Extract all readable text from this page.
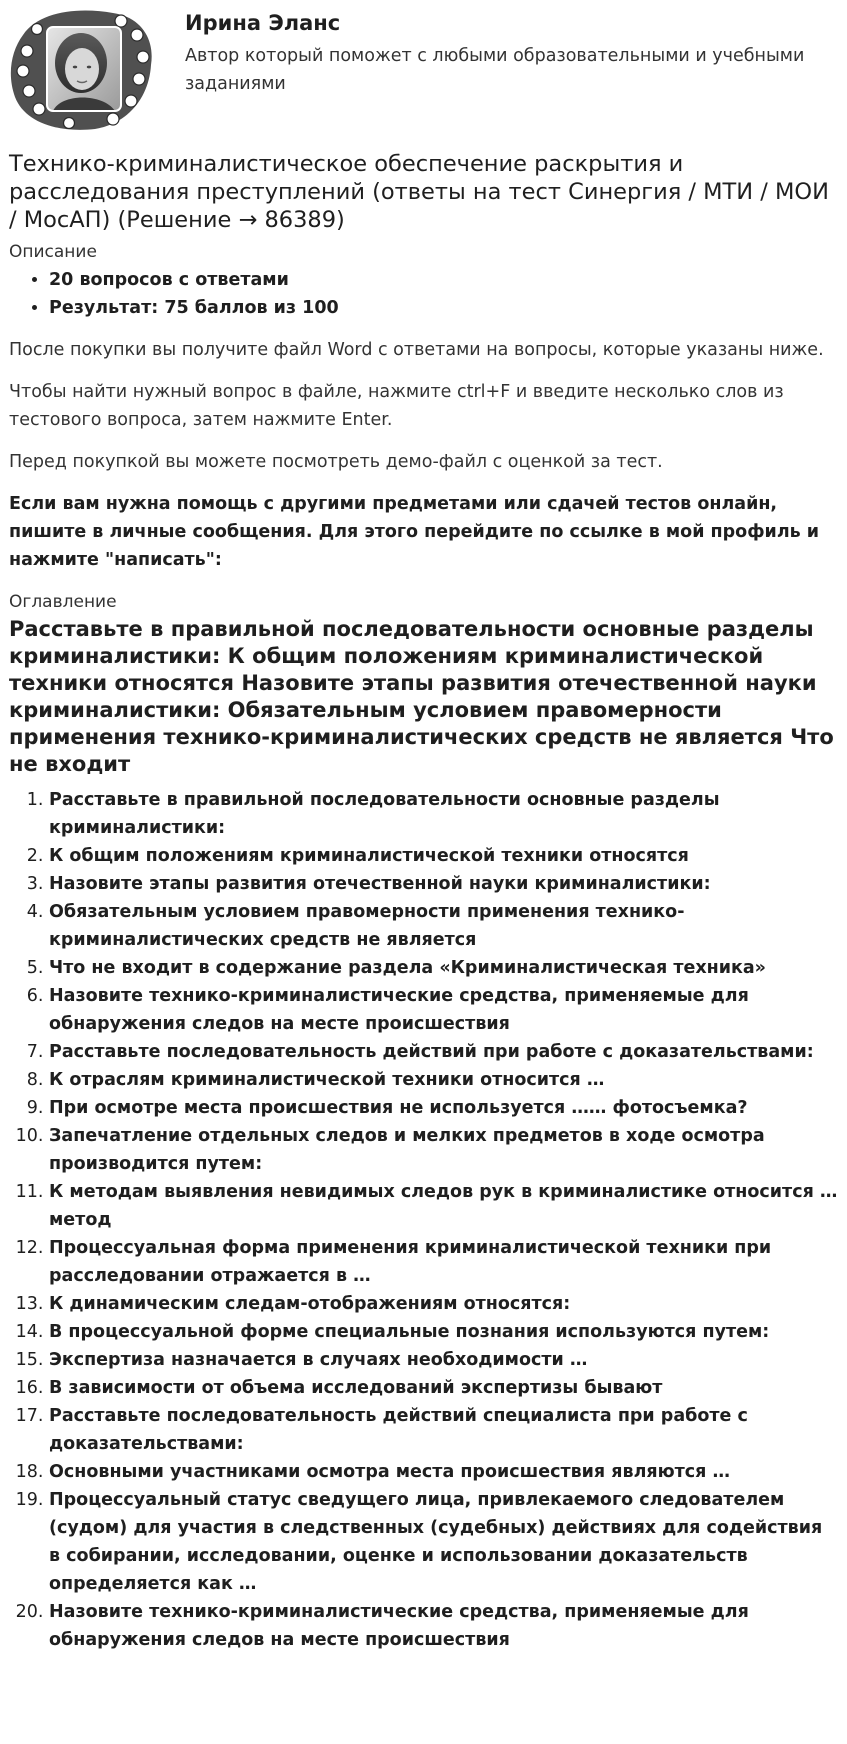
Ирина Эланс
Автор который поможет с любыми образовательными и учебными заданиями
Технико-криминалистическое обеспечение раскрытия и расследования преступлений (ответы на тест Синергия / МТИ / МОИ / МосАП) (Решение → 86389)
Описание
• 20 вопросов с ответами
• Результат: 75 баллов из 100

После покупки вы получите файл Word с ответами на вопросы, которые указаны ниже.

Чтобы найти нужный вопрос в файле, нажмите ctrl+F и введите несколько слов из тестового вопроса, затем нажмите Enter.

Перед покупкой вы можете посмотреть демо-файл с оценкой за тест.

Если вам нужна помощь с другими предметами или сдачей тестов онлайн, пишите в личные сообщения. Для этого перейдите по ссылке в мой профиль и нажмите "написать":

Оглавление
Расставьте в правильной последовательности основные разделы криминалистики: К общим положениям криминалистической техники относятся Назовите этапы развития отечественной науки криминалистики: Обязательным условием правомерности применения технико-криминалистических средств не является Что не входит
1. Расставьте в правильной последовательности основные разделы криминалистики:
2. К общим положениям криминалистической техники относятся
3. Назовите этапы развития отечественной науки криминалистики:
4. Обязательным условием правомерности применения технико-криминалистических средств не является
5. Что не входит в содержание раздела «Криминалистическая техника»
6. Назовите технико-криминалистические средства, применяемые для обнаружения следов на месте происшествия
7. Расставьте последовательность действий при работе с доказательствами:
8. К отраслям криминалистической техники относится …
9. При осмотре места происшествия не используется …… фотосъемка?
10. Запечатление отдельных следов и мелких предметов в ходе осмотра производится путем:
11. К методам выявления невидимых следов рук в криминалистике относится … метод
12. Процессуальная форма применения криминалистической техники при расследовании отражается в …
13. К динамическим следам-отображениям относятся:
14. В процессуальной форме специальные познания используются путем:
15. Экспертиза назначается в случаях необходимости …
16. В зависимости от объема исследований экспертизы бывают
17. Расставьте последовательность действий специалиста при работе с доказательствами:
18. Основными участниками осмотра места происшествия являются …
19. Процессуальный статус сведущего лица, привлекаемого следователем (судом) для участия в следственных (судебных) действиях для содействия в собирании, исследовании, оценке и использовании доказательств определяется как …
20. Назовите технико-криминалистические средства, применяемые для обнаружения следов на месте происшествия
